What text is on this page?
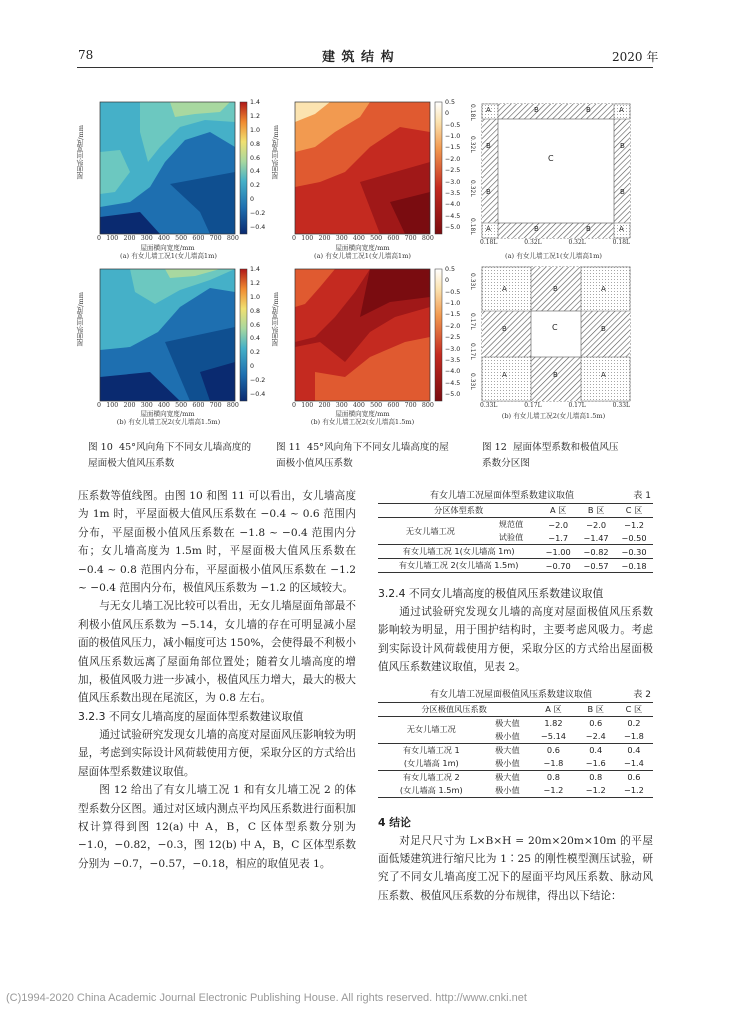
78	建 筑 结 构	2020 年
A	B	B	A
B
C
B
B	B
A	B	B	A
A	B	A
B	C	B
A	B	A
0.18L	0.32L	0.32L	0.18L
0.18L
0.32L
0.32L
0.18L
0.33L	0.17L	0.17L	0.33L
0.33L
0.17L
0.17L
0.33L
0 100 200 300 400 500 600 700 800	0 100 200 300 400 500 600 700 800
0 100 200 300 400 500 600 700 800	0 100 200 300 400 500 600 700 800
屋面横向宽度/mm
(a) 有女儿墙工况1(女儿墙高1m)
屋面横向宽度/mm
(a) 有女儿墙工况1(女儿墙高1m)	(a) 有女儿墙工况1(女儿墙高1m)
屋面横向宽度/mm
(b) 有女儿墙工况2(女儿墙高1.5m)
屋面横向宽度/mm
(b) 有女儿墙工况2(女儿墙高1.5m)
(b) 有女儿墙工况2(女儿墙高1.5m)
屋面纵向宽度/mm	屋面纵向宽度/mm
屋面纵向宽度/mm	屋面纵向宽度/mm
1.4
1.2
1.0
0.8
0.6
0.4
0.2
0
−0.2
−0.4
0.5
0
−0.5
−1.0
−1.5
−2.0
−2.5
−3.0
−3.5
−4.0
−4.5
−5.0
1.4
1.2
1.0
0.8
0.6
0.4
0.2
0
−0.2
−0.4
0.5
0
−0.5
−1.0
−1.5
−2.0
−2.5
−3.0
−3.5
−4.0
−4.5
−5.0
图 10 45°风向角下不同女儿墙高度的屋面极大值风压系数
图 11 45°风向角下不同女儿墙高度的屋面极小值风压系数
图 12 屋面体型系数和极值风压系数分区图

压系数等值线图。由图 10 和图 11 可以看出，女儿墙高度为 1m 时，平屋面极大值风压系数在 −0.4 ~ 0.6 范围内分布，平屋面极小值风压系数在 −1.8 ~ −0.4 范围内分布；女儿墙高度为 1.5m 时，平屋面极大值风压系数在 −0.4 ~ 0.8 范围内分布，平屋面极小值风压系数在 −1.2 ~ −0.4 范围内分布，极值风压系数为 −1.2 的区域较大。

与无女儿墙工况比较可以看出，无女儿墙屋面角部最不利极小值风压系数为 −5.14，女儿墙的存在可明显减小屋面的极值风压力，减小幅度可达 150%，会使得最不利极小值风压系数远离了屋面角部位置处；随着女儿墙高度的增加，极值风吸力进一步减小，极值风压力增大，最大的极大值风压系数出现在尾流区，为 0.8 左右。

3.2.3 不同女儿墙高度的屋面体型系数建议取值

通过试验研究发现女儿墙的高度对屋面风压影响较为明显，考虑到实际设计风荷载使用方便，采取分区的方式给出屋面体型系数建议取值。

图 12 给出了有女儿墙工况 1 和有女儿墙工况 2 的体型系数分区图。通过对区域内测点平均风压系数进行面积加权计算得到图 12(a) 中 A，B，C 区体型系数分别为 −1.0，−0.82，−0.3，图 12(b) 中 A，B，C 区体型系数分别为 −0.7，−0.57，−0.18，相应的取值见表 1。

有女儿墙工况屋面体型系数建议取值	表 1
分区体型系数		A 区	B 区	C 区
无女儿墙工况	规范值	−2.0	−2.0	−1.2
	试验值	−1.7	−1.47	−0.50
有女儿墙工况 1(女儿墙高 1m)		−1.00	−0.82	−0.30
有女儿墙工况 2(女儿墙高 1.5m)		−0.70	−0.57	−0.18
3.2.4 不同女儿墙高度的极值风压系数建议取值

通过试验研究发现女儿墙的高度对屋面极值风压系数影响较为明显，用于围护结构时，主要考虑风吸力。考虑到实际设计风荷载使用方便，采取分区的方式给出屋面极值风压系数建议取值，见表 2。

有女儿墙工况屋面极值风压系数建议取值	表 2
分区极值风压系数		A 区	B 区	C 区
无女儿墙工况	极大值	1.82	0.6	0.2
	极小值	−5.14	−2.4	−1.8
有女儿墙工况 1	极大值	0.6	0.4	0.4
(女儿墙高 1m)	极小值	−1.8	−1.6	−1.4
有女儿墙工况 2	极大值	0.8	0.8	0.6
(女儿墙高 1.5m)	极小值	−1.2	−1.2	−1.2
4 结论

对足尺尺寸为 L×B×H = 20m×20m×10m 的平屋面低矮建筑进行缩尺比为 1∶25 的刚性模型测压试验，研究了不同女儿墙高度工况下的屋面平均风压系数、脉动风压系数、极值风压系数的分布规律，得出以下结论：

(C)1994-2020 China Academic Journal Electronic Publishing House. All rights reserved. http://www.cnki.net
